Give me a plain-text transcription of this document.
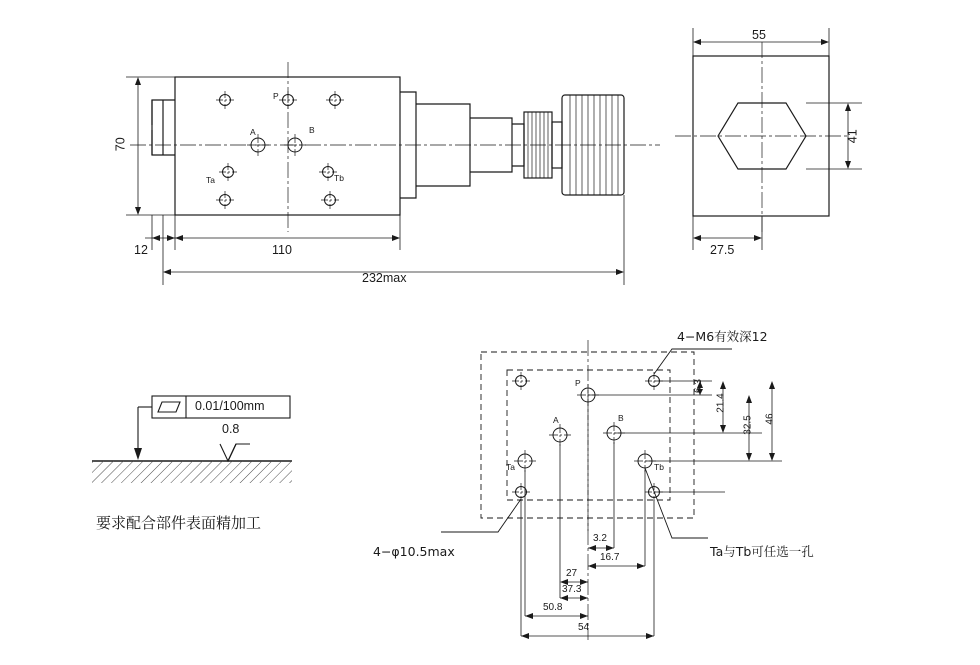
70
12	110
232max
P
A	B
Ta	Tb
55
41
27.5
0.01/100mm
0.8
要求配合部件表面精加工
P
A	B
Ta	Tb
4−M6有效深12
4−φ10.5max	Ta与Tb可任选一孔
6.3
21.4
32.5 46
3.2
16.7
27
37.3
50.8
54
